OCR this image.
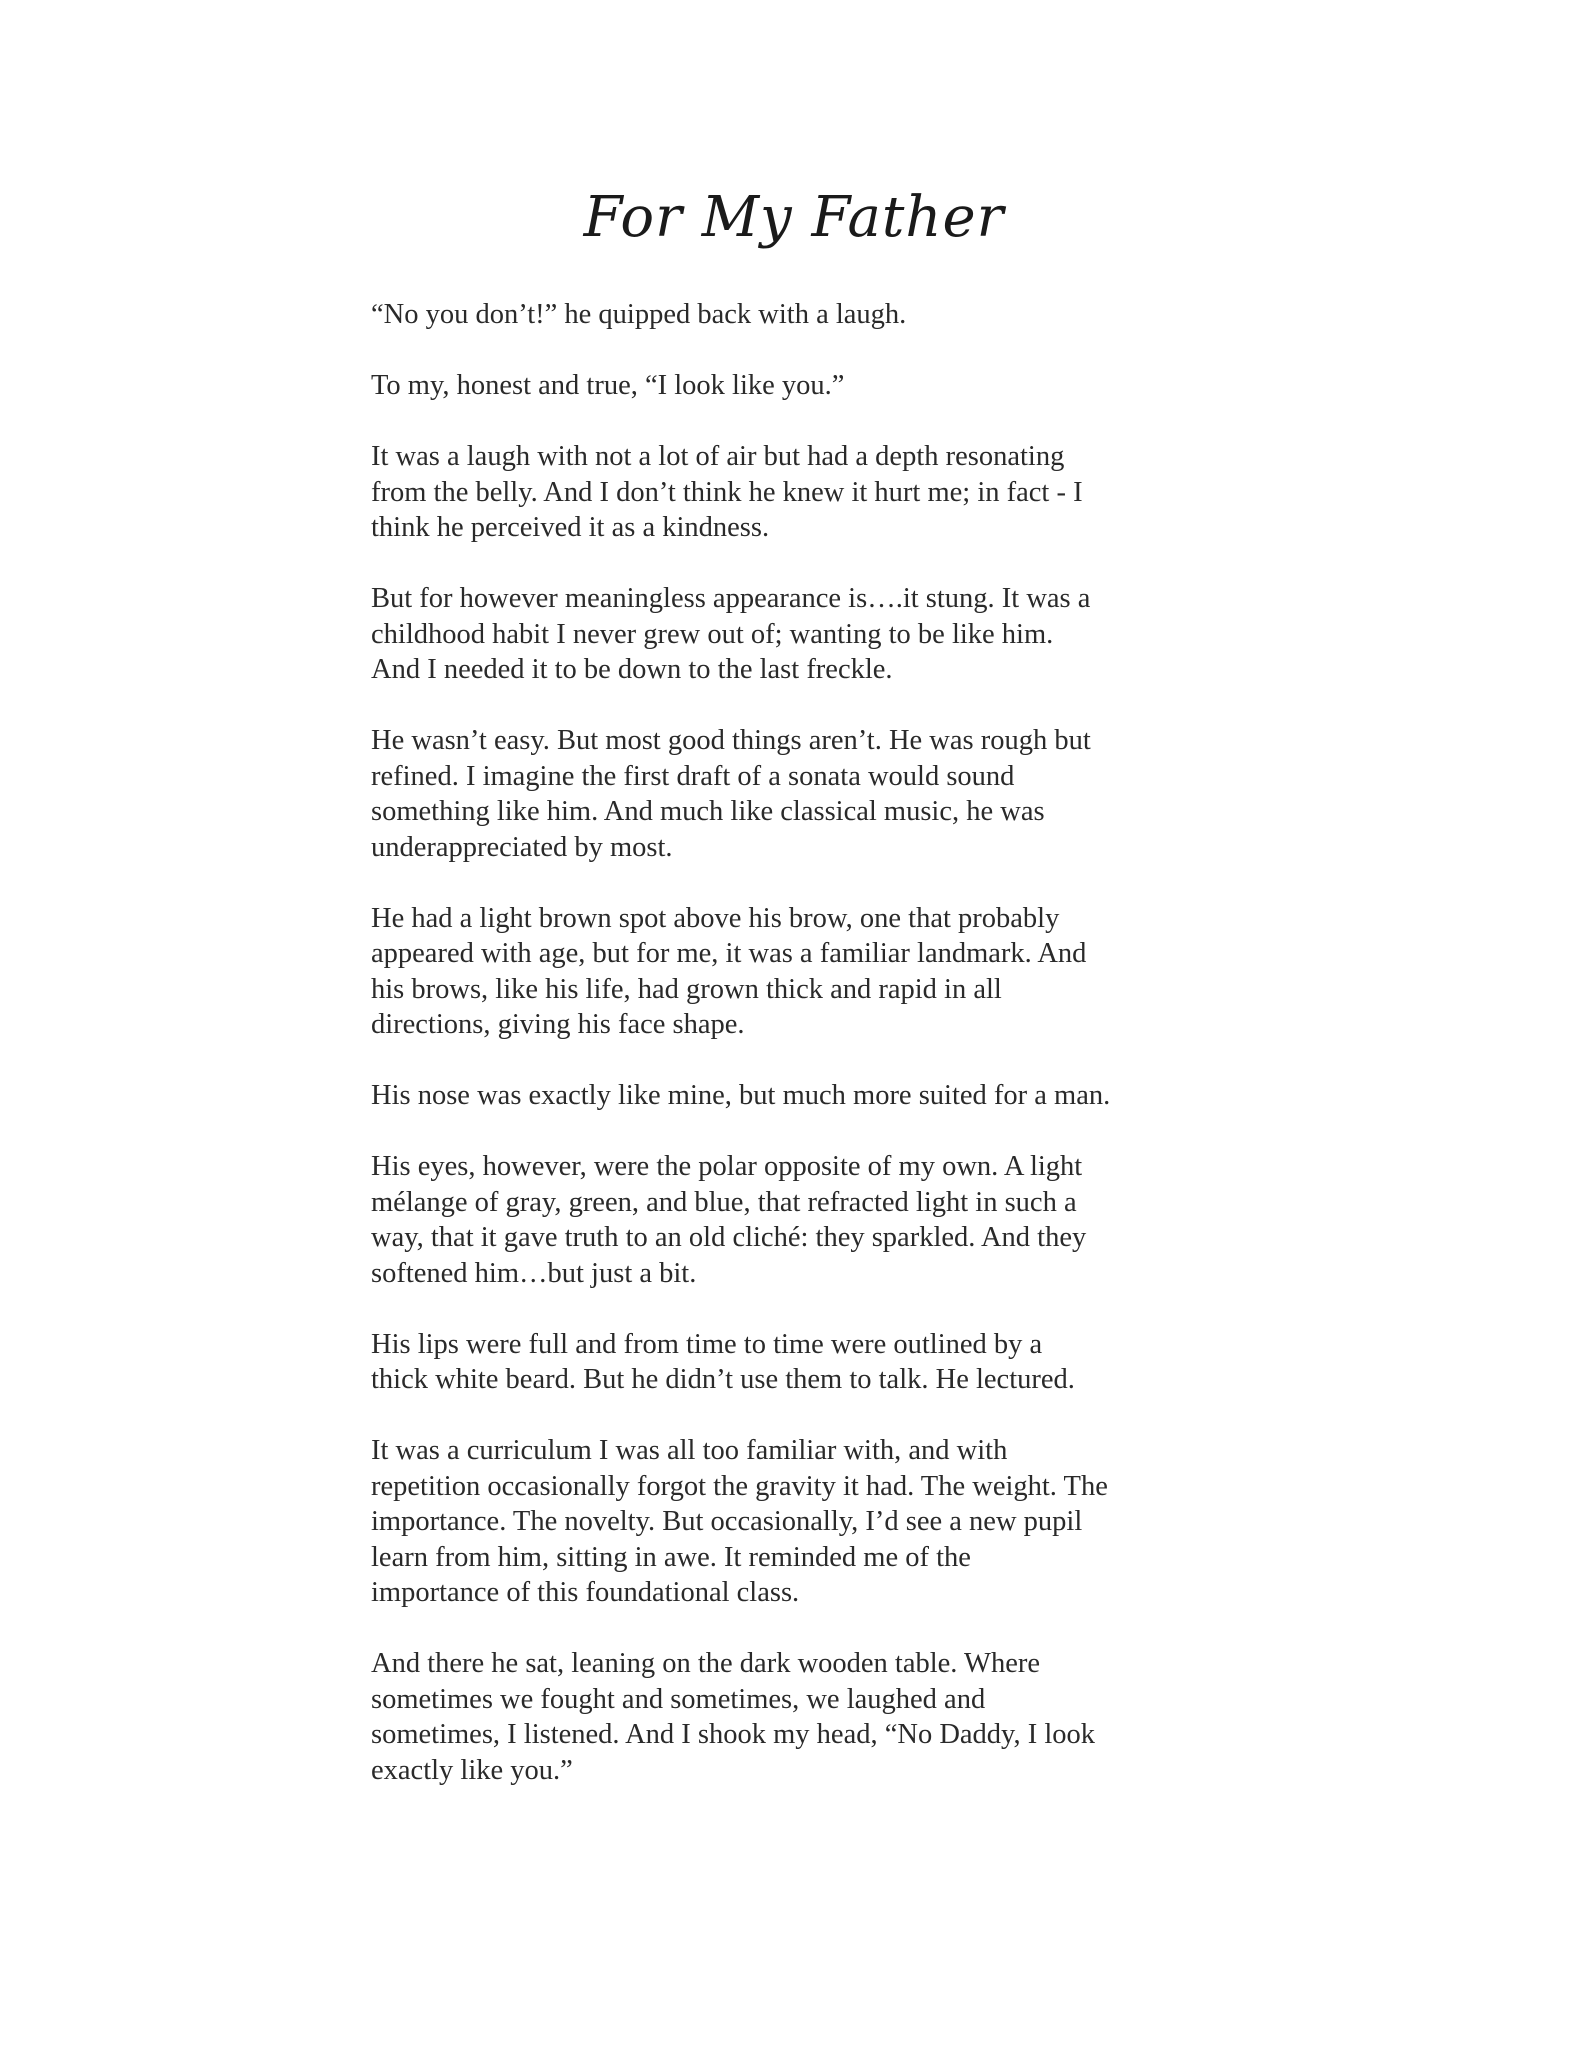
For My Father

“No you don’t!” he quipped back with a laugh.

To my, honest and true, “I look like you.”

It was a laugh with not a lot of air but had a depth resonating
from the belly. And I don’t think he knew it hurt me; in fact - I
think he perceived it as a kindness.

But for however meaningless appearance is….it stung. It was a
childhood habit I never grew out of; wanting to be like him.
And I needed it to be down to the last freckle.

He wasn’t easy. But most good things aren’t. He was rough but
refined. I imagine the first draft of a sonata would sound
something like him. And much like classical music, he was
underappreciated by most.

He had a light brown spot above his brow, one that probably
appeared with age, but for me, it was a familiar landmark. And
his brows, like his life, had grown thick and rapid in all
directions, giving his face shape.

His nose was exactly like mine, but much more suited for a man.

His eyes, however, were the polar opposite of my own. A light
mélange of gray, green, and blue, that refracted light in such a
way, that it gave truth to an old cliché: they sparkled. And they
softened him…but just a bit.

His lips were full and from time to time were outlined by a
thick white beard. But he didn’t use them to talk. He lectured.

It was a curriculum I was all too familiar with, and with
repetition occasionally forgot the gravity it had. The weight. The
importance. The novelty. But occasionally, I’d see a new pupil
learn from him, sitting in awe. It reminded me of the
importance of this foundational class.

And there he sat, leaning on the dark wooden table. Where
sometimes we fought and sometimes, we laughed and
sometimes, I listened. And I shook my head, “No Daddy, I look
exactly like you.”
